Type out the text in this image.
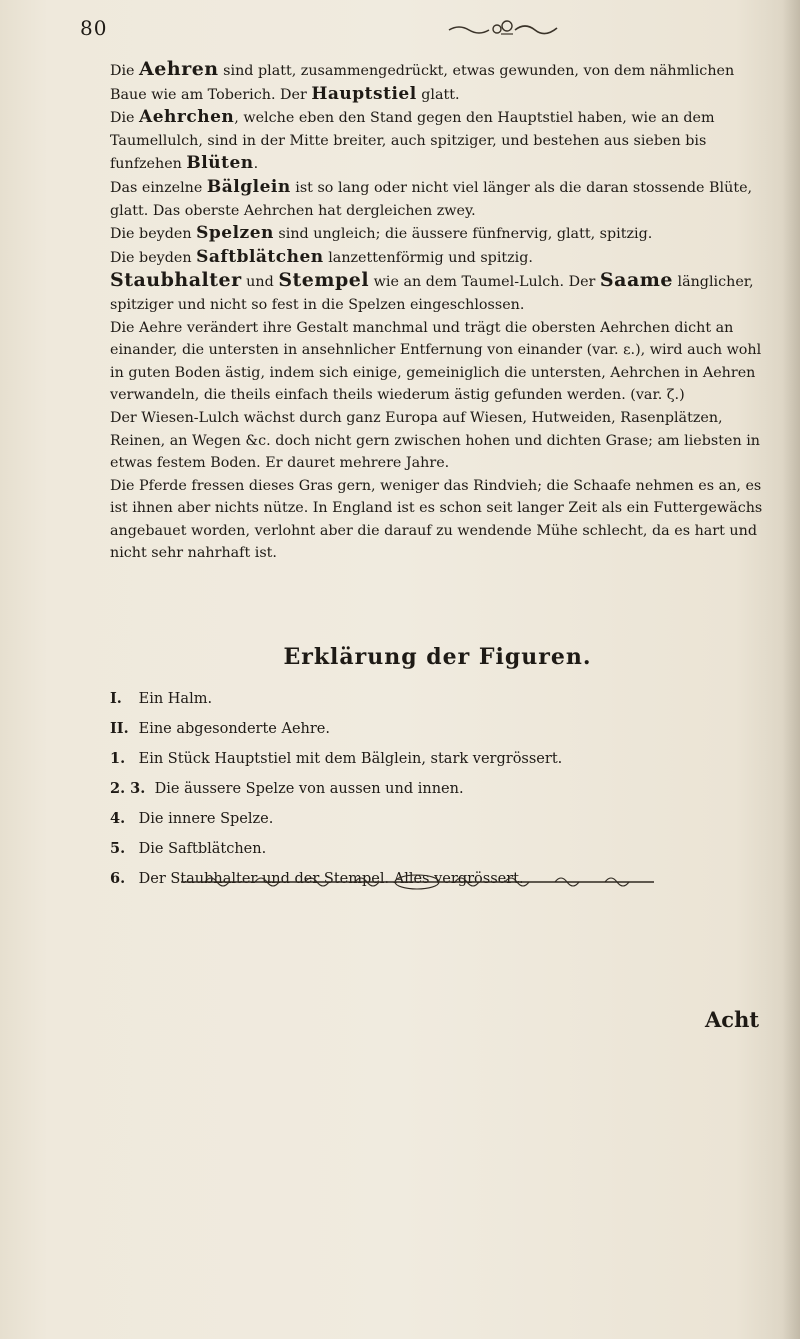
80

Die Aehren sind platt, zusammengedrückt, etwas gewunden, von dem nähmlichen Baue wie am Toberich. Der Hauptstiel glatt.

Die Aehrchen, welche eben den Stand gegen den Hauptstiel haben, wie an dem Taumellulch, sind in der Mitte breiter, auch spitziger, und bestehen aus sieben bis funfzehen Blüten.

Das einzelne Bälglein ist so lang oder nicht viel länger als die daran stossende Blüte, glatt. Das oberste Aehrchen hat dergleichen zwey.

Die beyden Spelzen sind ungleich; die äussere fünfnervig, glatt, spitzig.

Die beyden Saftblätchen lanzettenförmig und spitzig.

Staubhalter und Stempel wie an dem Taumel-Lulch. Der Saame länglicher, spitziger und nicht so fest in die Spelzen eingeschlossen.

Die Aehre verändert ihre Gestalt manchmal und trägt die obersten Aehrchen dicht an einander, die untersten in ansehnlicher Entfernung von einander (var. ε.), wird auch wohl in guten Boden ästig, indem sich einige, gemeiniglich die untersten, Aehrchen in Aehren verwandeln, die theils einfach theils wiederum ästig gefunden werden. (var. ζ.)

Der Wiesen-Lulch wächst durch ganz Europa auf Wiesen, Hutweiden, Rasenplätzen, Reinen, an Wegen &c. doch nicht gern zwischen hohen und dichten Grase; am liebsten in etwas festem Boden. Er dauret mehrere Jahre.

Die Pferde fressen dieses Gras gern, weniger das Rindvieh; die Schaafe nehmen es an, es ist ihnen aber nichts nütze. In England ist es schon seit langer Zeit als ein Futtergewächs angebauet worden, verlohnt aber die darauf zu wendende Mühe schlecht, da es hart und nicht sehr nahrhaft ist.

Erklärung der Figuren.
I. Ein Halm.
II. Eine abgesonderte Aehre.
1. Ein Stück Hauptstiel mit dem Bälglein, stark vergrössert.
2. 3. Die äussere Spelze von aussen und innen.
4. Die innere Spelze.
5. Die Saftblätchen.
6. Der Staubhalter und der Stempel. Alles vergrössert.
Acht
